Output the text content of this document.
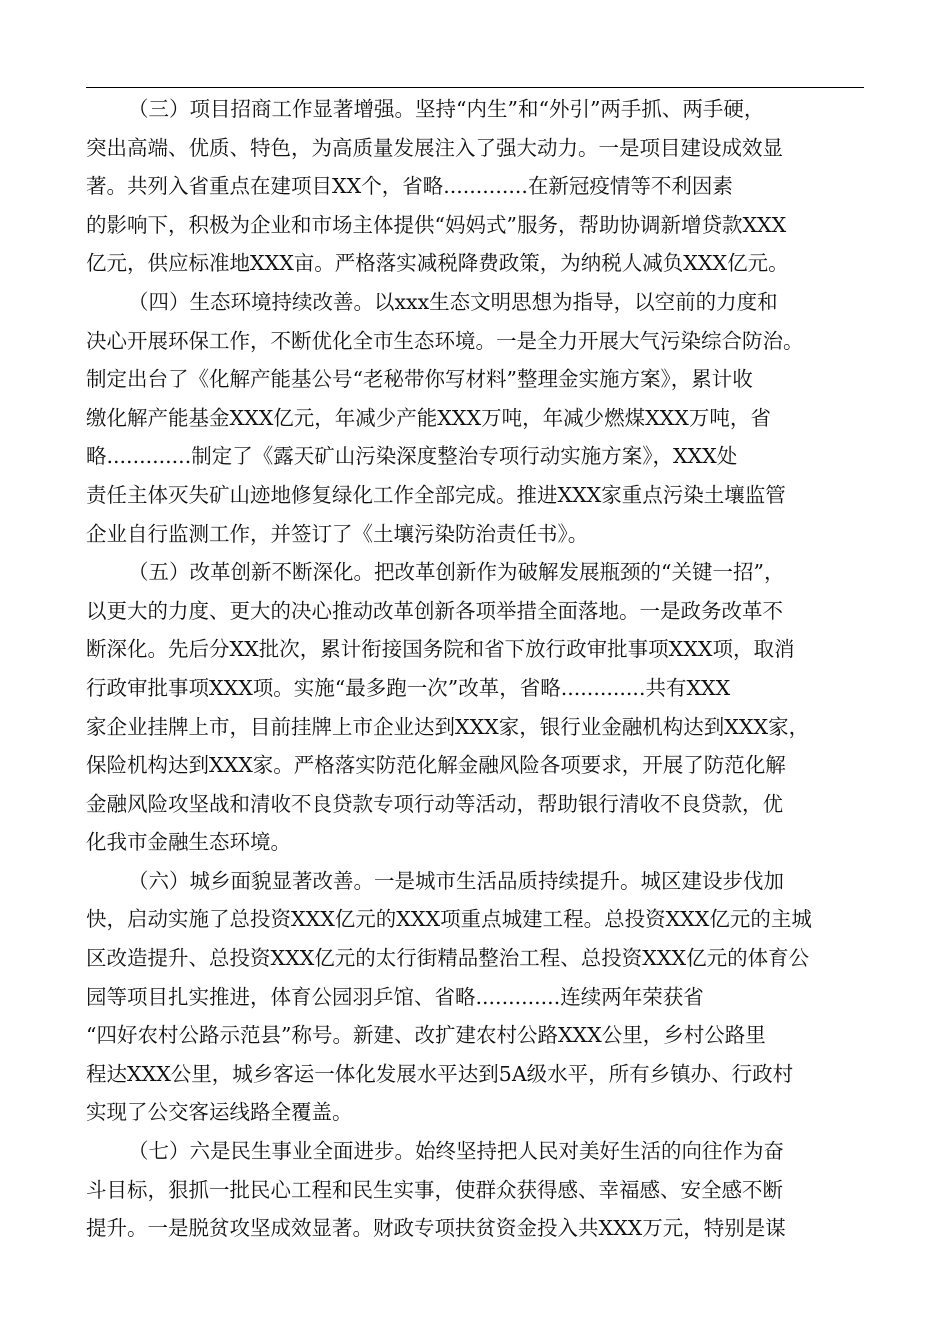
（三）项目招商工作显著增强。坚持“内生”和“外引”两手抓、两手硬，
突出高端、优质、特色，为高质量发展注入了强大动力。一是项目建设成效显
著。共列入省重点在建项目XX个，省略.............在新冠疫情等不利因素
的影响下，积极为企业和市场主体提供“妈妈式”服务，帮助协调新增贷款XXX
亿元，供应标准地XXX亩。严格落实减税降费政策，为纳税人减负XXX亿元。
（四）生态环境持续改善。以xxx生态文明思想为指导，以空前的力度和
决心开展环保工作，不断优化全市生态环境。一是全力开展大气污染综合防治。
制定出台了《化解产能基公号“老秘带你写材料”整理金实施方案》，累计收
缴化解产能基金XXX亿元，年减少产能XXX万吨，年减少燃煤XXX万吨，省
略.............制定了《露天矿山污染深度整治专项行动实施方案》，XXX处
责任主体灭失矿山迹地修复绿化工作全部完成。推进XXX家重点污染土壤监管
企业自行监测工作，并签订了《土壤污染防治责任书》。
（五）改革创新不断深化。把改革创新作为破解发展瓶颈的“关键一招”，
以更大的力度、更大的决心推动改革创新各项举措全面落地。一是政务改革不
断深化。先后分XX批次，累计衔接国务院和省下放行政审批事项XXX项，取消
行政审批事项XXX项。实施“最多跑一次”改革，省略.............共有XXX
家企业挂牌上市，目前挂牌上市企业达到XXX家，银行业金融机构达到XXX家，
保险机构达到XXX家。严格落实防范化解金融风险各项要求，开展了防范化解
金融风险攻坚战和清收不良贷款专项行动等活动，帮助银行清收不良贷款，优
化我市金融生态环境。
（六）城乡面貌显著改善。一是城市生活品质持续提升。城区建设步伐加
快，启动实施了总投资XXX亿元的XXX项重点城建工程。总投资XXX亿元的主城
区改造提升、总投资XXX亿元的太行街精品整治工程、总投资XXX亿元的体育公
园等项目扎实推进，体育公园羽乒馆、省略.............连续两年荣获省
“四好农村公路示范县”称号。新建、改扩建农村公路XXX公里，乡村公路里
程达XXX公里，城乡客运一体化发展水平达到5A级水平，所有乡镇办、行政村
实现了公交客运线路全覆盖。
（七）六是民生事业全面进步。始终坚持把人民对美好生活的向往作为奋
斗目标，狠抓一批民心工程和民生实事，使群众获得感、幸福感、安全感不断
提升。一是脱贫攻坚成效显著。财政专项扶贫资金投入共XXX万元，特别是谋
